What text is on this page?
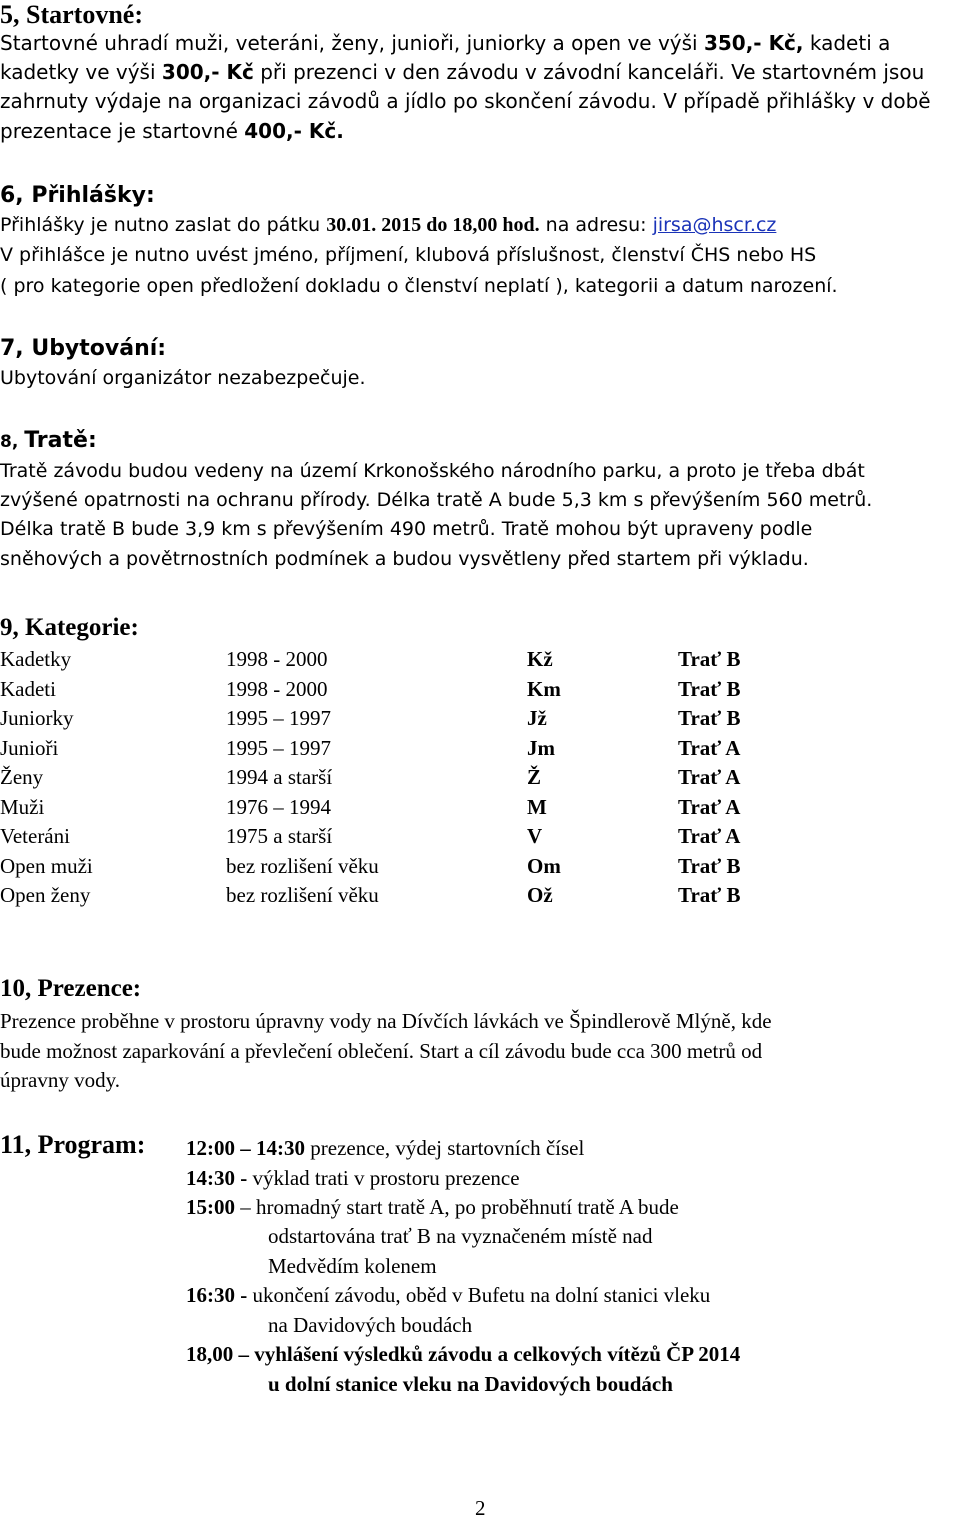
5, Startovné:
Startovné uhradí muži, veteráni, ženy, junioři, juniorky a open ve výši 350,- Kč, kadeti a
kadetky ve výši 300,- Kč při prezenci v den závodu v závodní kanceláři. Ve startovném jsou
zahrnuty výdaje na organizaci závodů a jídlo po skončení závodu. V případě přihlášky v době
prezentace je startovné 400,- Kč.
6, Přihlášky:
Přihlášky je nutno zaslat do pátku 30.01. 2015 do 18,00 hod. na adresu: jirsa@hscr.cz
V přihlášce je nutno uvést jméno, příjmení, klubová příslušnost, členství ČHS nebo HS
( pro kategorie open předložení dokladu o členství neplatí ), kategorii a datum narození.
7, Ubytování:
Ubytování organizátor nezabezpečuje.
8, Tratě:
Tratě závodu budou vedeny na území Krkonošského národního parku, a proto je třeba dbát
zvýšené opatrnosti na ochranu přírody. Délka tratě A bude 5,3 km s převýšením 560 metrů.
Délka tratě B bude 3,9 km s převýšením 490 metrů. Tratě mohou být upraveny podle
sněhových a povětrnostních podmínek a budou vysvětleny před startem při výkladu.
9, Kategorie:
Kadetky	1998 - 2000	Kž	Trať B
Kadeti	1998 - 2000	Km	Trať B
Juniorky	1995 – 1997	Jž	Trať B
Junioři	1995 – 1997	Jm	Trať A
Ženy	1994 a starší	Ž	Trať A
Muži	1976 – 1994	M	Trať A
Veteráni	1975 a starší	V	Trať A
Open muži	bez rozlišení věku	Om	Trať B
Open ženy	bez rozlišení věku	Ož	Trať B
10, Prezence:
Prezence proběhne v prostoru úpravny vody na Dívčích lávkách ve Špindlerově Mlýně, kde
bude možnost zaparkování a převlečení oblečení. Start a cíl závodu bude cca 300 metrů od
úpravny vody.
11, Program: 12:00 – 14:30 prezence, výdej startovních čísel
14:30 - výklad trati v prostoru prezence
15:00 – hromadný start tratě A, po proběhnutí tratě A bude
odstartována trať B na vyznačeném místě nad
Medvědím kolenem
16:30 - ukončení závodu, oběd v Bufetu na dolní stanici vleku
na Davidových boudách
18,00 – vyhlášení výsledků závodu a celkových vítězů ČP 2014
u dolní stanice vleku na Davidových boudách
2
